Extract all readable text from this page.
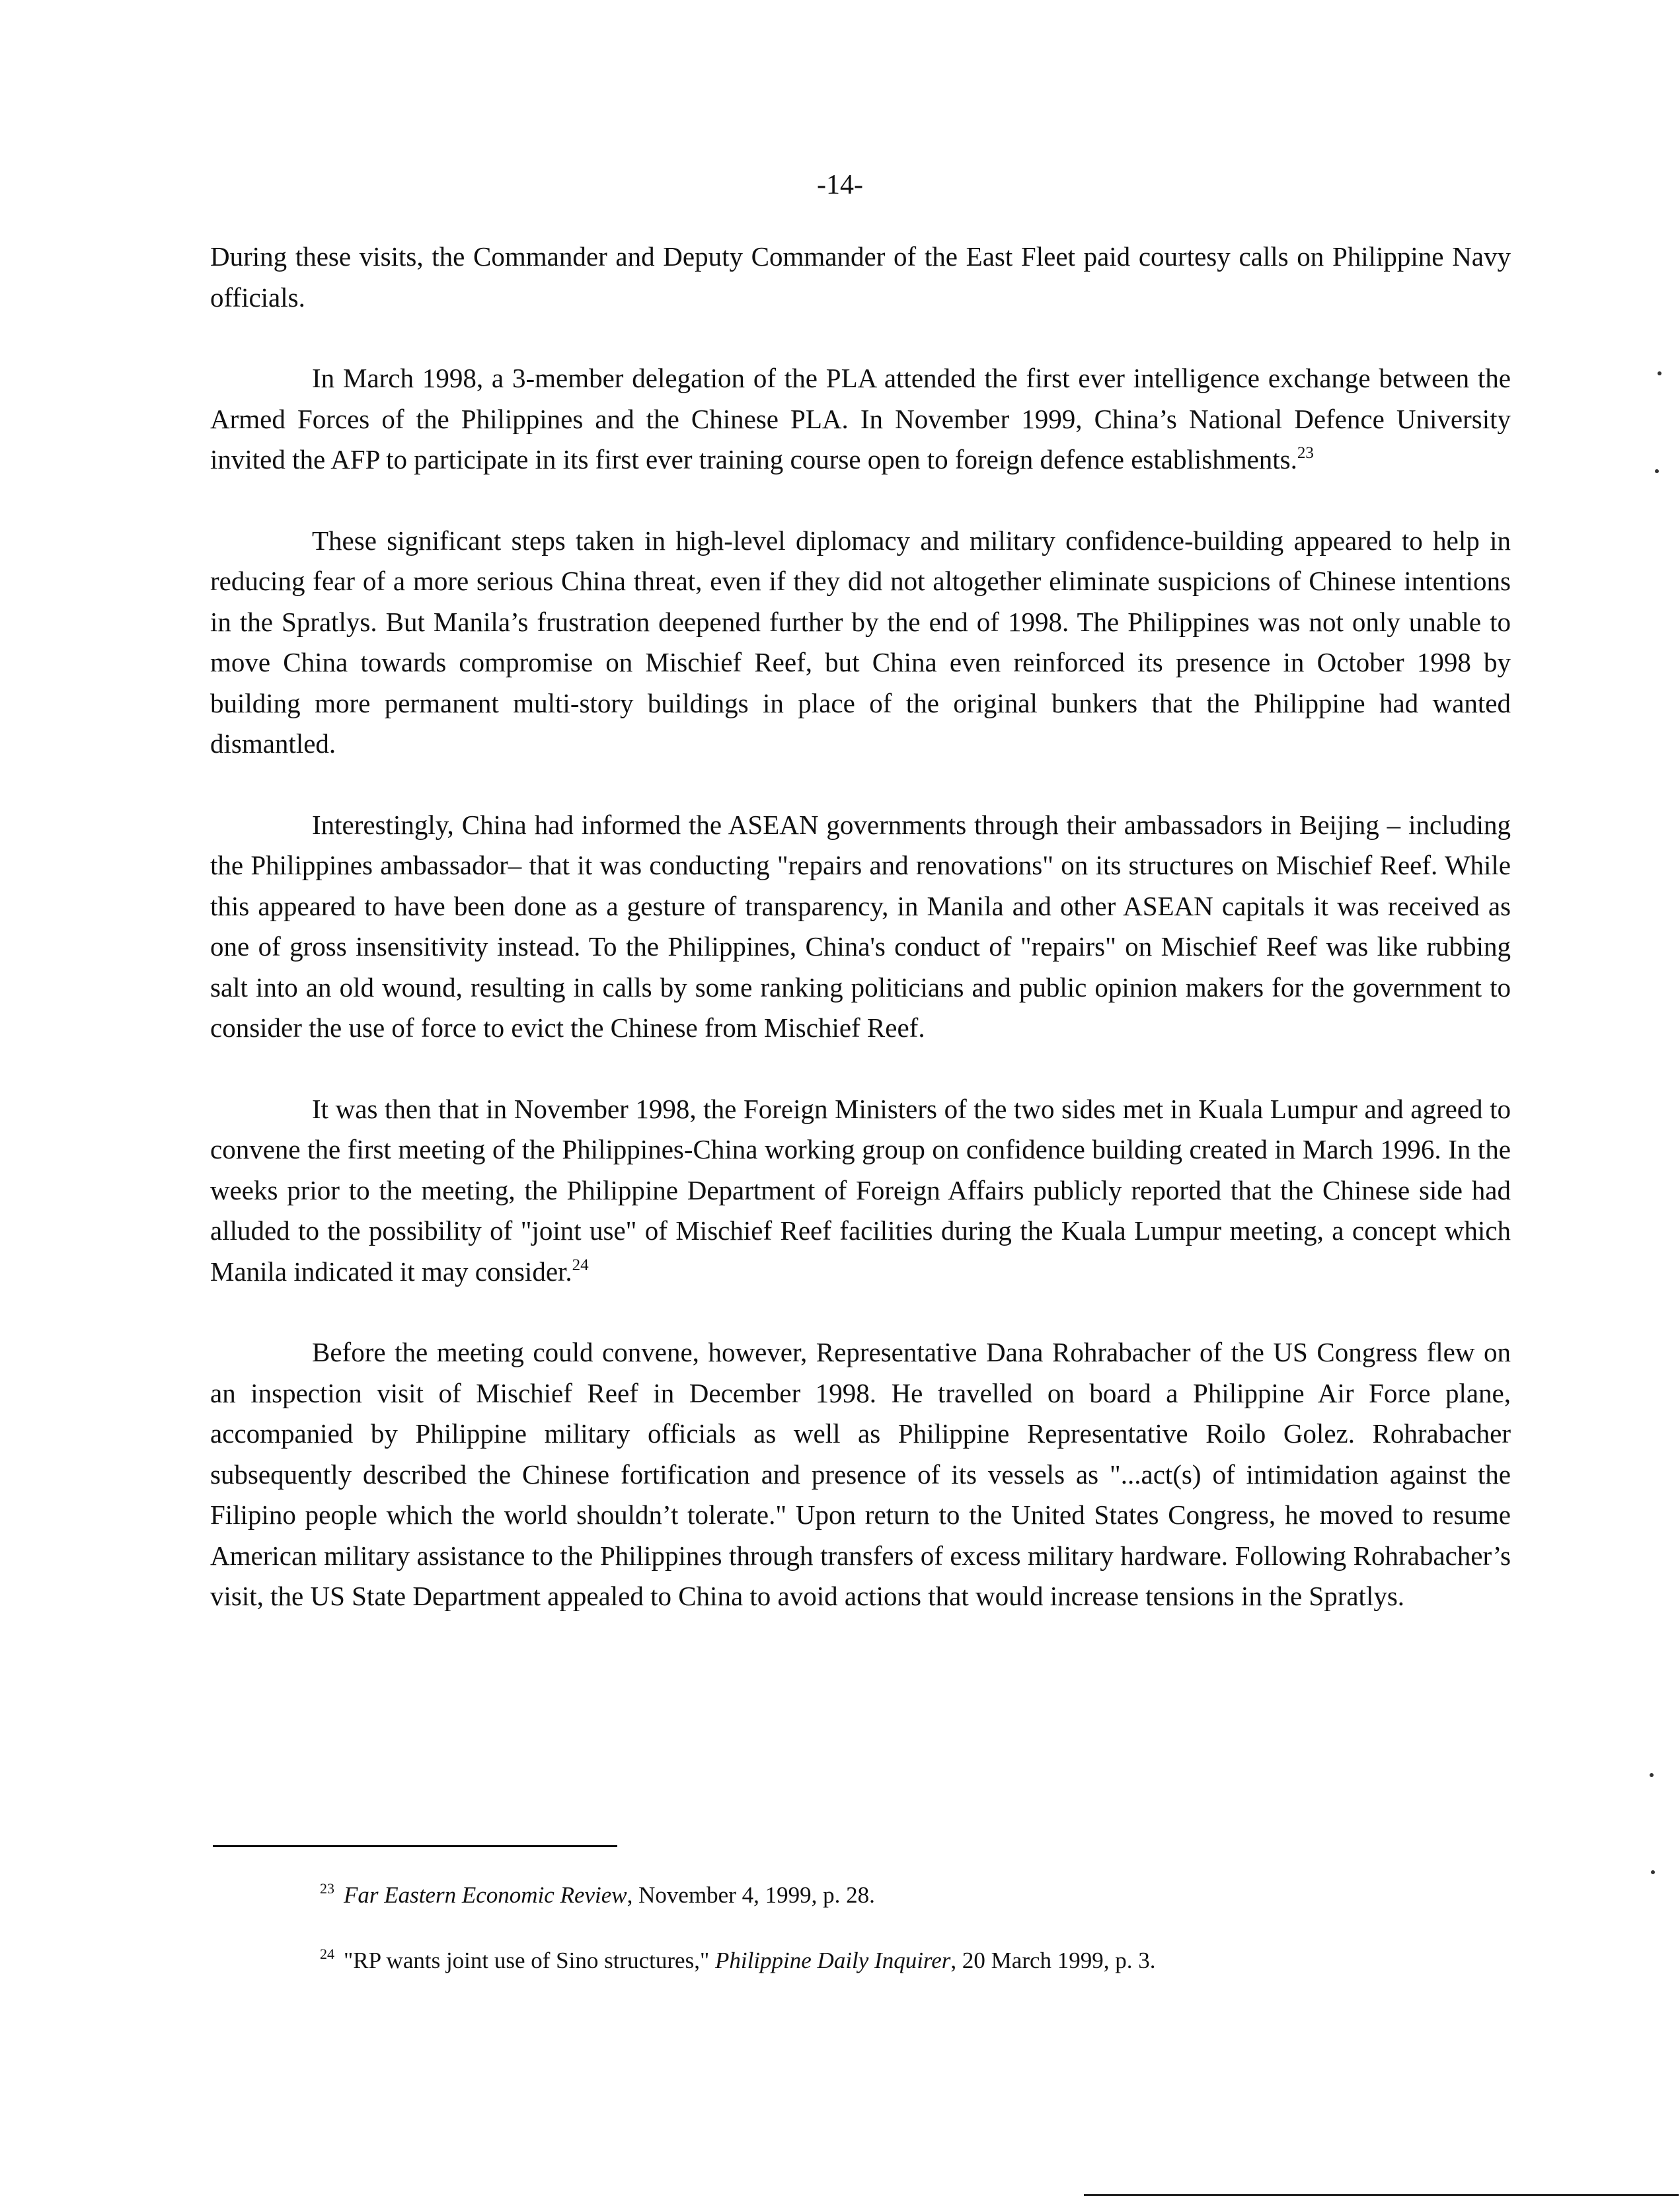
-14-

During these visits, the Commander and Deputy Commander of the East Fleet paid courtesy calls on Philippine Navy officials.

In March 1998, a 3-member delegation of the PLA attended the first ever intelligence exchange between the Armed Forces of the Philippines and the Chinese PLA. In November 1999, China’s National Defence University invited the AFP to participate in its first ever training course open to foreign defence establishments.$^{23}$

These significant steps taken in high-level diplomacy and military confidence-building appeared to help in reducing fear of a more serious China threat, even if they did not altogether eliminate suspicions of Chinese intentions in the Spratlys. But Manila’s frustration deepened further by the end of 1998. The Philippines was not only unable to move China towards compromise on Mischief Reef, but China even reinforced its presence in October 1998 by building more permanent multi-story buildings in place of the original bunkers that the Philippine had wanted dismantled.

Interestingly, China had informed the ASEAN governments through their ambassadors in Beijing – including the Philippines ambassador– that it was conducting "repairs and renovations" on its structures on Mischief Reef. While this appeared to have been done as a gesture of transparency, in Manila and other ASEAN capitals it was received as one of gross insensitivity instead. To the Philippines, China's conduct of "repairs" on Mischief Reef was like rubbing salt into an old wound, resulting in calls by some ranking politicians and public opinion makers for the government to consider the use of force to evict the Chinese from Mischief Reef.

It was then that in November 1998, the Foreign Ministers of the two sides met in Kuala Lumpur and agreed to convene the first meeting of the Philippines-China working group on confidence building created in March 1996. In the weeks prior to the meeting, the Philippine Department of Foreign Affairs publicly reported that the Chinese side had alluded to the possibility of "joint use" of Mischief Reef facilities during the Kuala Lumpur meeting, a concept which Manila indicated it may consider.$^{24}$

Before the meeting could convene, however, Representative Dana Rohrabacher of the US Congress flew on an inspection visit of Mischief Reef in December 1998. He travelled on board a Philippine Air Force plane, accompanied by Philippine military officials as well as Philippine Representative Roilo Golez. Rohrabacher subsequently described the Chinese fortification and presence of its vessels as "...act(s) of intimidation against the Filipino people which the world shouldn’t tolerate." Upon return to the United States Congress, he moved to resume American military assistance to the Philippines through transfers of excess military hardware. Following Rohrabacher’s visit, the US State Department appealed to China to avoid actions that would increase tensions in the Spratlys.

$^{23}$ Far Eastern Economic Review, November 4, 1999, p. 28.
$^{24}$ "RP wants joint use of Sino structures," Philippine Daily Inquirer, 20 March 1999, p. 3.
